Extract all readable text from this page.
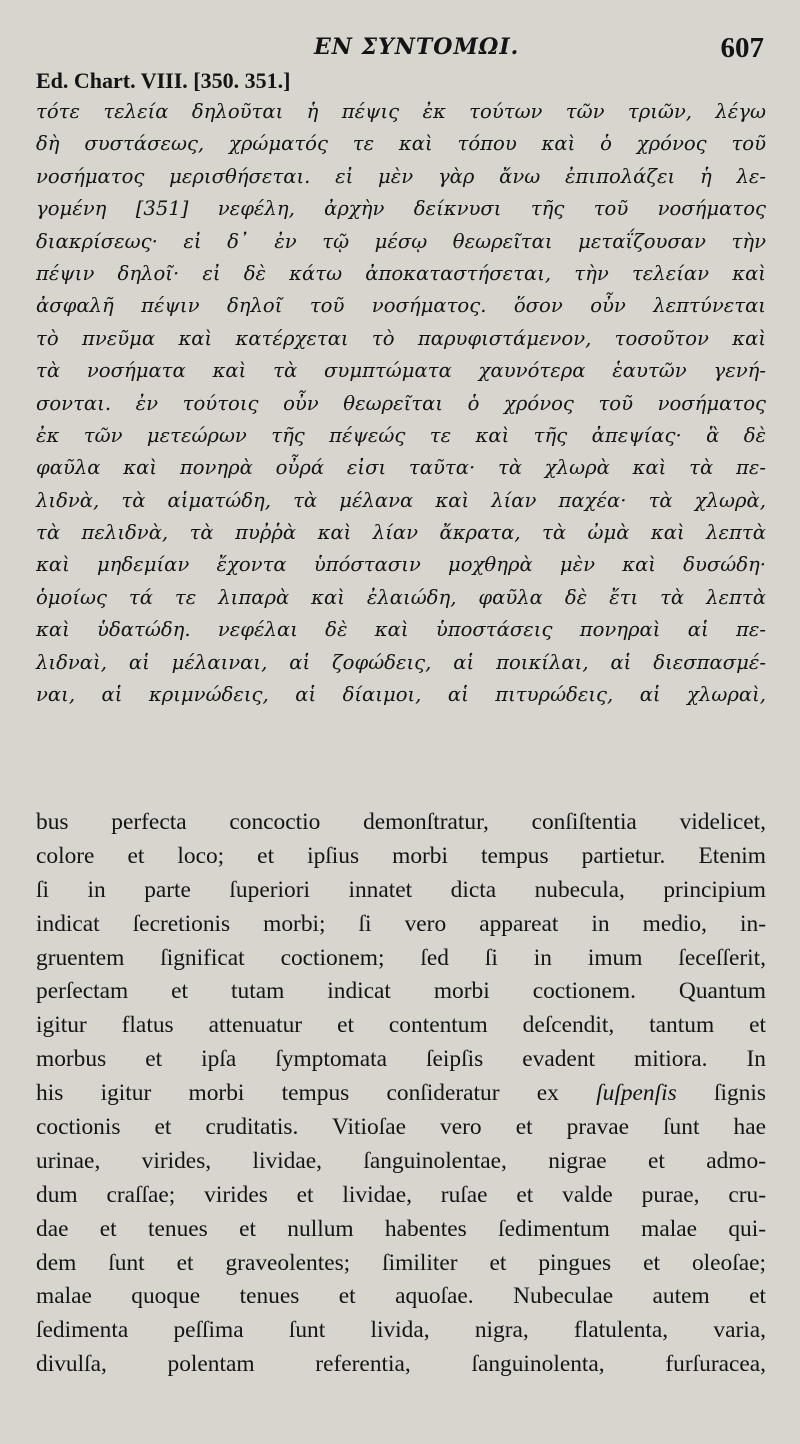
ΕΝ ΣΥΝΤΟΜΩΙ.	607
Ed. Chart. VIII. [350. 351.]
τότε τελεία δηλοῦται ἡ πέψις ἐκ τούτων τῶν τριῶν, λέγω
δὴ συστάσεως, χρώματός τε καὶ τόπου καὶ ὁ χρόνος τοῦ
νοσήματος μερισθήσεται. εἰ μὲν γὰρ ἄνω ἐπιπολάζει ἡ λε-
γομένη [351] νεφέλη, ἀρχὴν δείκνυσι τῆς τοῦ νοσήματος
διακρίσεως· εἰ δ᾽ ἐν τῷ μέσῳ θεωρεῖται μεταΐζουσαν τὴν
πέψιν δηλοῖ· εἰ δὲ κάτω ἀποκαταστήσεται, τὴν τελείαν καὶ
ἀσφαλῆ πέψιν δηλοῖ τοῦ νοσήματος. ὅσον οὖν λεπτύνεται
τὸ πνεῦμα καὶ κατέρχεται τὸ παρυφιστάμενον, τοσοῦτον καὶ
τὰ νοσήματα καὶ τὰ συμπτώματα χαυνότερα ἑαυτῶν γενή-
σονται. ἐν τούτοις οὖν θεωρεῖται ὁ χρόνος τοῦ νοσήματος
ἐκ τῶν μετεώρων τῆς πέψεώς τε καὶ τῆς ἀπεψίας· ἃ δὲ
φαῦλα καὶ πονηρὰ οὖρά εἰσι ταῦτα· τὰ χλωρὰ καὶ τὰ πε-
λιδνὰ, τὰ αἱματώδη, τὰ μέλανα καὶ λίαν παχέα· τὰ χλωρὰ,
τὰ πελιδνὰ, τὰ πυῤῥὰ καὶ λίαν ἄκρατα, τὰ ὠμὰ καὶ λεπτὰ
καὶ μηδεμίαν ἔχοντα ὑπόστασιν μοχθηρὰ μὲν καὶ δυσώδη·
ὁμοίως τά τε λιπαρὰ καὶ ἐλαιώδη, φαῦλα δὲ ἔτι τὰ λεπτὰ
καὶ ὑδατώδη. νεφέλαι δὲ καὶ ὑποστάσεις πονηραὶ αἱ πε-
λιδναὶ, αἱ μέλαιναι, αἱ ζοφώδεις, αἱ ποικίλαι, αἱ διεσπασμέ-
ναι, αἱ κριμνώδεις, αἱ δίαιμοι, αἱ πιτυρώδεις, αἱ χλωραὶ,
bus perfecta concoctio demonſtratur, conſiſtentia videlicet,
colore et loco; et ipſius morbi tempus partietur. Etenim
ſi in parte ſuperiori innatet dicta nubecula, principium
indicat ſecretionis morbi; ſi vero appareat in medio, in-
gruentem ſignificat coctionem; ſed ſi in imum ſeceſſerit,
perſectam et tutam indicat morbi coctionem. Quantum
igitur flatus attenuatur et contentum deſcendit, tantum et
morbus et ipſa ſymptomata ſeipſis evadent mitiora. In
his igitur morbi tempus conſideratur ex ſuſpenſis ſignis
coctionis et cruditatis. Vitioſae vero et pravae ſunt hae
urinae, virides, lividae, ſanguinolentae, nigrae et admo-
dum craſſae; virides et lividae, ruſae et valde purae, cru-
dae et tenues et nullum habentes ſedimentum malae qui-
dem ſunt et graveolentes; ſimiliter et pingues et oleoſae;
malae quoque tenues et aquoſae. Nubeculae autem et
ſedimenta peſſima ſunt livida, nigra, flatulenta, varia,
divulſa, polentam referentia, ſanguinolenta, furſuracea,
